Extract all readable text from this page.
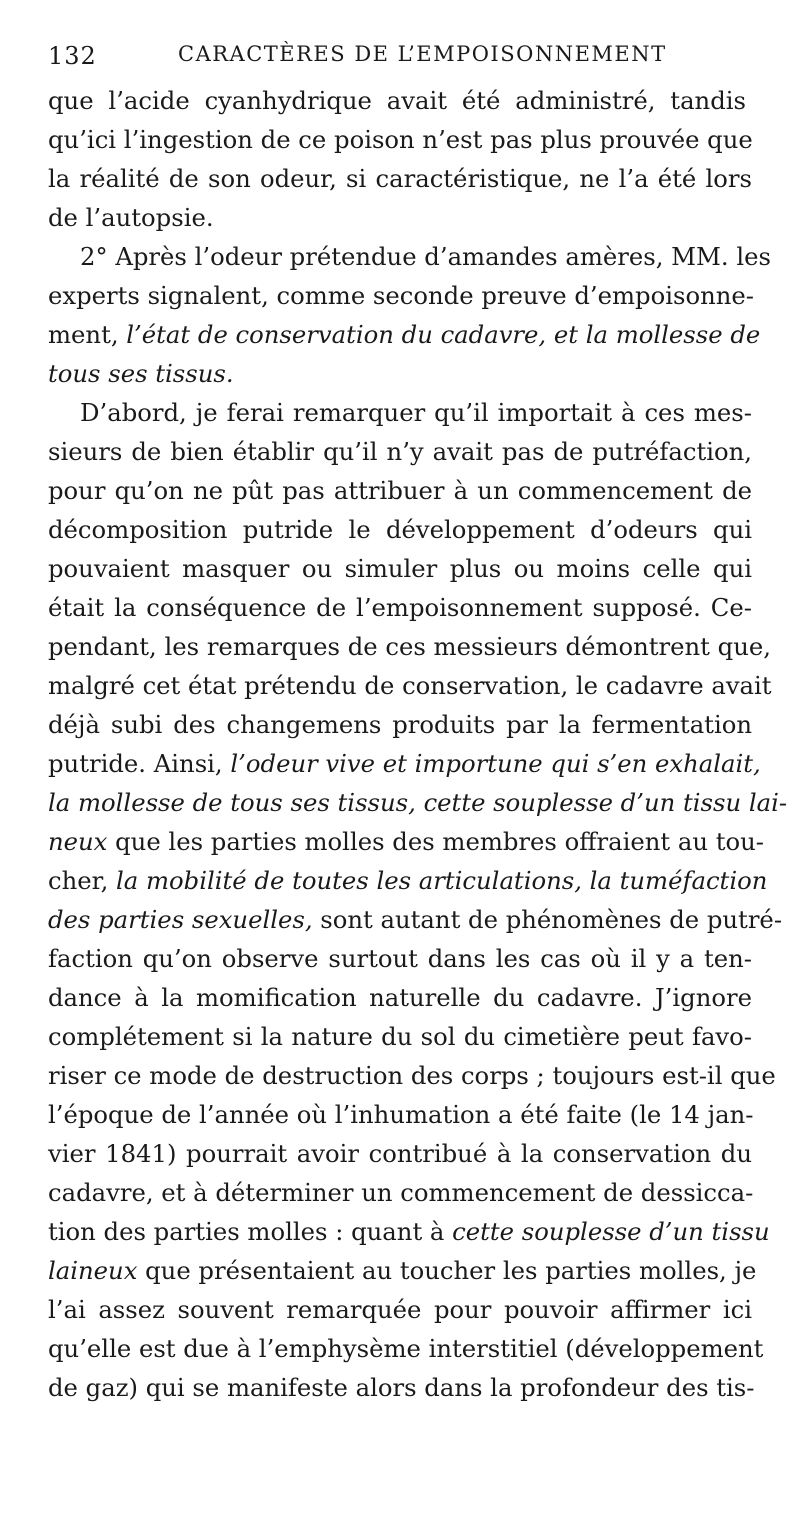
132	CARACTÈRES DE L’EMPOISONNEMENT
que l’acide cyanhydrique avait été administré, tandis
qu’ici l’ingestion de ce poison n’est pas plus prouvée que
la réalité de son odeur, si caractéristique, ne l’a été lors
de l’autopsie.
2° Après l’odeur prétendue d’amandes amères, MM. les
experts signalent, comme seconde preuve d’empoisonne-
ment, l’état de conservation du cadavre, et la mollesse de
tous ses tissus.
D’abord, je ferai remarquer qu’il importait à ces mes-
sieurs de bien établir qu’il n’y avait pas de putréfaction,
pour qu’on ne pût pas attribuer à un commencement de
décomposition putride le développement d’odeurs qui
pouvaient masquer ou simuler plus ou moins celle qui
était la conséquence de l’empoisonnement supposé. Ce-
pendant, les remarques de ces messieurs démontrent que,
malgré cet état prétendu de conservation, le cadavre avait
déjà subi des changemens produits par la fermentation
putride. Ainsi, l’odeur vive et importune qui s’en exhalait,
la mollesse de tous ses tissus, cette souplesse d’un tissu lai-
neux que les parties molles des membres offraient au tou-
cher, la mobilité de toutes les articulations, la tuméfaction
des parties sexuelles, sont autant de phénomènes de putré-
faction qu’on observe surtout dans les cas où il y a ten-
dance à la momification naturelle du cadavre. J’ignore
complétement si la nature du sol du cimetière peut favo-
riser ce mode de destruction des corps ; toujours est-il que
l’époque de l’année où l’inhumation a été faite (le 14 jan-
vier 1841) pourrait avoir contribué à la conservation du
cadavre, et à déterminer un commencement de dessicca-
tion des parties molles : quant à cette souplesse d’un tissu
laineux que présentaient au toucher les parties molles, je
l’ai assez souvent remarquée pour pouvoir affirmer ici
qu’elle est due à l’emphysème interstitiel (développement
de gaz) qui se manifeste alors dans la profondeur des tis-
